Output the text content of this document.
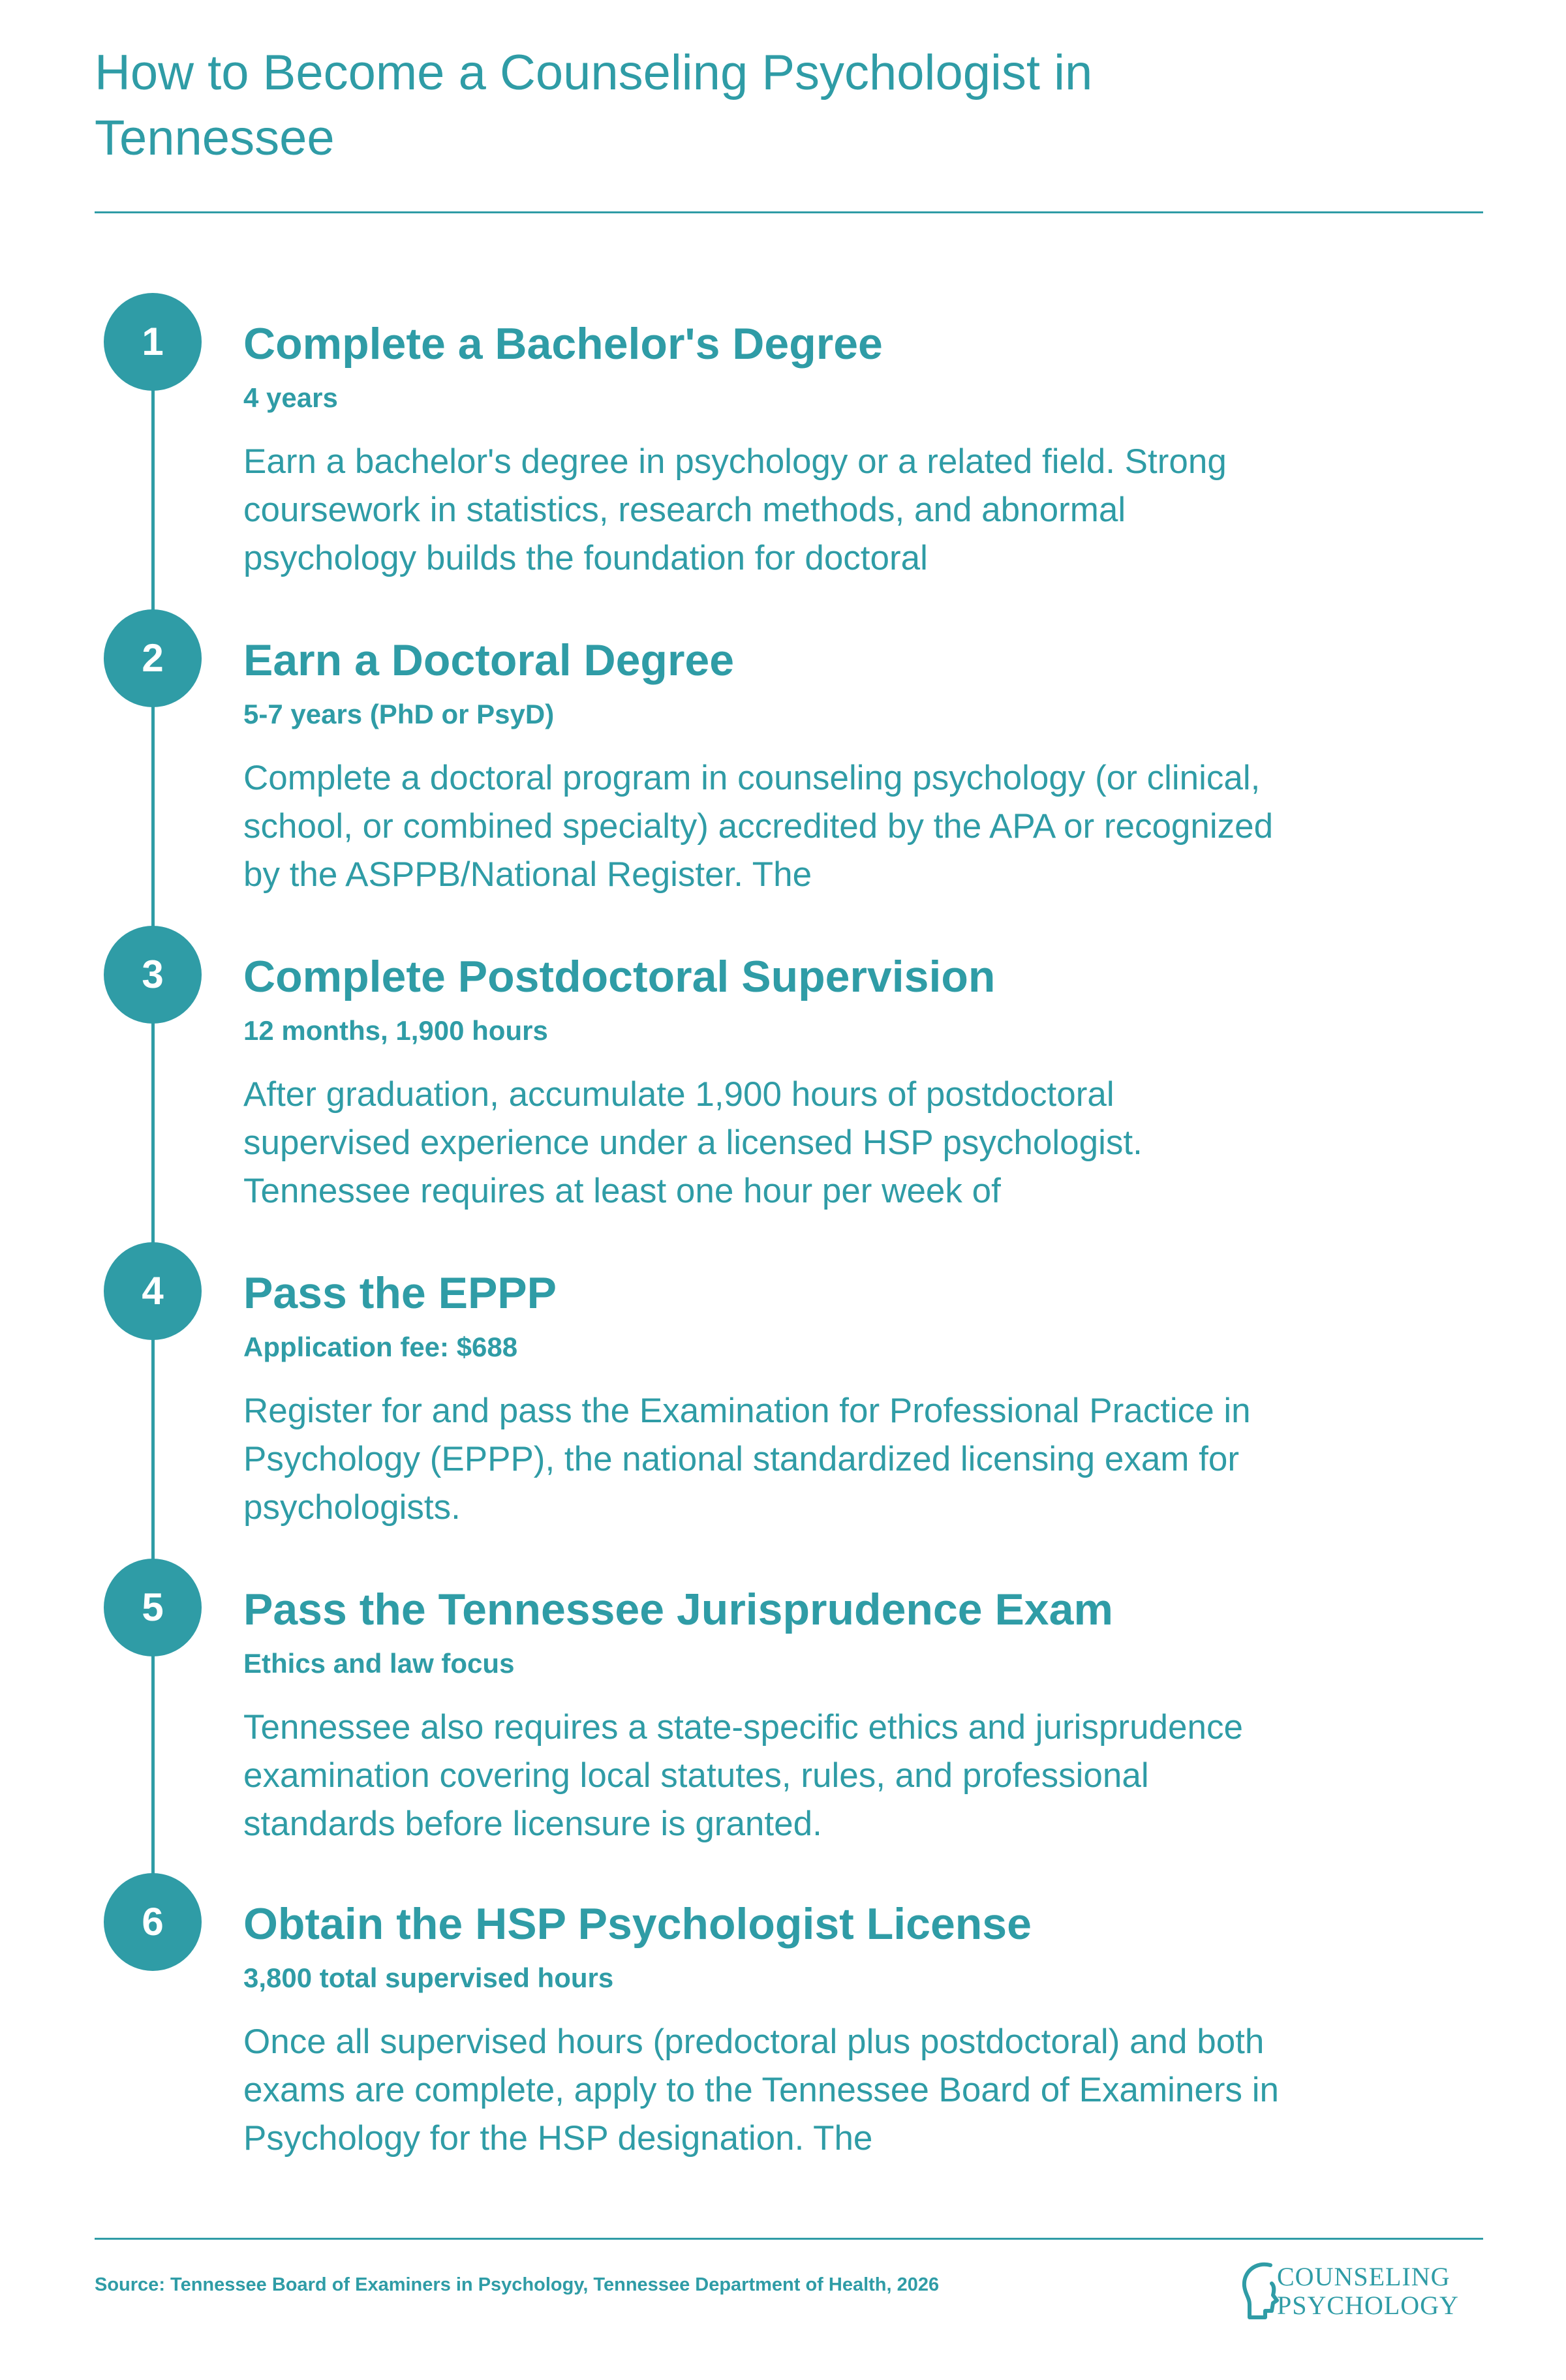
How to Become a Counseling Psychologist in Tennessee
1	Complete a Bachelor's Degree
4 years
Earn a bachelor's degree in psychology or a related field. Strong coursework in statistics, research methods, and abnormal psychology builds the foundation for doctoral
2	Earn a Doctoral Degree
5-7 years (PhD or PsyD)
Complete a doctoral program in counseling psychology (or clinical, school, or combined specialty) accredited by the APA or recognized by the ASPPB/National Register. The
3	Complete Postdoctoral Supervision
12 months, 1,900 hours
After graduation, accumulate 1,900 hours of postdoctoral supervised experience under a licensed HSP psychologist. Tennessee requires at least one hour per week of
4	Pass the EPPP
Application fee: $688
Register for and pass the Examination for Professional Practice in Psychology (EPPP), the national standardized licensing exam for psychologists.
5	Pass the Tennessee Jurisprudence Exam
Ethics and law focus
Tennessee also requires a state-specific ethics and jurisprudence examination covering local statutes, rules, and professional standards before licensure is granted.
6	Obtain the HSP Psychologist License
3,800 total supervised hours
Once all supervised hours (predoctoral plus postdoctoral) and both exams are complete, apply to the Tennessee Board of Examiners in Psychology for the HSP designation. The
Source: Tennessee Board of Examiners in Psychology, Tennessee Department of Health, 2026	COUNSELING
PSYCHOLOGY
